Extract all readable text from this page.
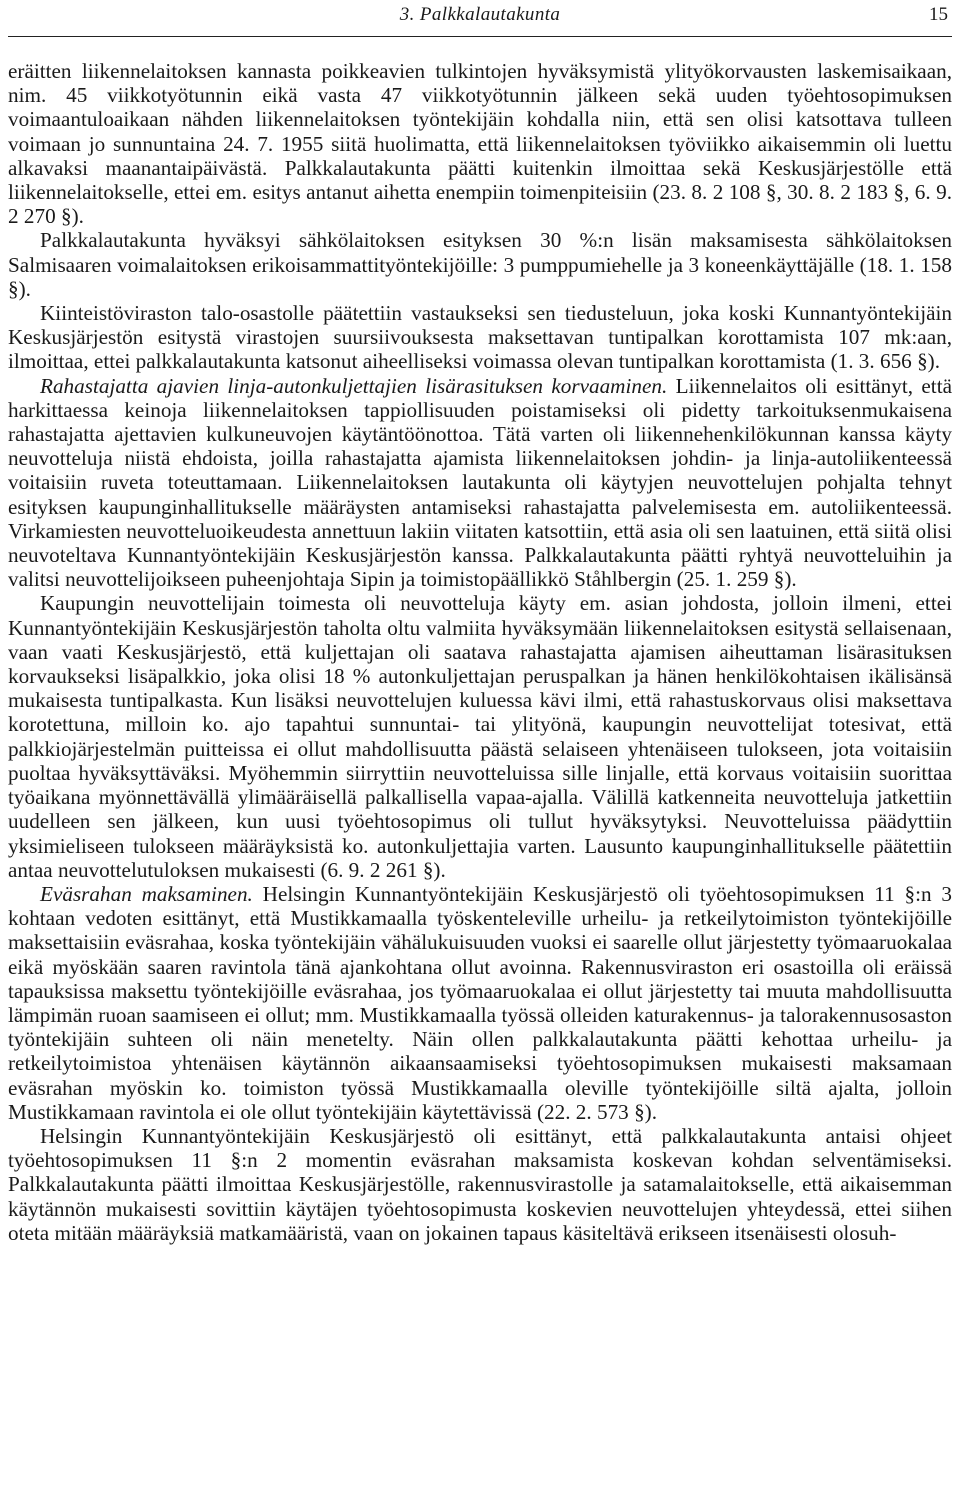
3. Palkkalautakunta	15

eräitten liikennelaitoksen kannasta poikkeavien tulkintojen hyväksymistä ylityökorvausten laskemisaikaan, nim. 45 viikkotyötunnin eikä vasta 47 viikkotyötunnin jälkeen sekä uuden työehtosopimuksen voimaantuloaikaan nähden liikennelaitoksen työntekijäin kohdalla niin, että sen olisi katsottava tulleen voimaan jo sunnuntaina 24. 7. 1955 siitä huolimatta, että liikennelaitoksen työviikko aikaisemmin oli luettu alkavaksi maanantaipäivästä. Palkkalautakunta päätti kuitenkin ilmoittaa sekä Keskusjärjestölle että liikennelaitokselle, ettei em. esitys antanut aihetta enempiin toimenpiteisiin (23. 8. 2 108 §, 30. 8. 2 183 §, 6. 9. 2 270 §).

Palkkalautakunta hyväksyi sähkölaitoksen esityksen 30 %:n lisän maksamisesta sähkölaitoksen Salmisaaren voimalaitoksen erikoisammattityöntekijöille: 3 pumppumiehelle ja 3 koneenkäyttäjälle (18. 1. 158 §).

Kiinteistöviraston talo-osastolle päätettiin vastaukseksi sen tiedusteluun, joka koski Kunnantyöntekijäin Keskusjärjestön esitystä virastojen suursiivouksesta maksettavan tuntipalkan korottamista 107 mk:aan, ilmoittaa, ettei palkkalautakunta katsonut aiheelliseksi voimassa olevan tuntipalkan korottamista (1. 3. 656 §).

Rahastajatta ajavien linja-autonkuljettajien lisärasituksen korvaaminen. Liikennelaitos oli esittänyt, että harkittaessa keinoja liikennelaitoksen tappiollisuuden poistamiseksi oli pidetty tarkoituksenmukaisena rahastajatta ajettavien kulkuneuvojen käytäntöönottoa. Tätä varten oli liikennehenkilökunnan kanssa käyty neuvotteluja niistä ehdoista, joilla rahastajatta ajamista liikennelaitoksen johdin- ja linja-autoliikenteessä voitaisiin ruveta toteuttamaan. Liikennelaitoksen lautakunta oli käytyjen neuvottelujen pohjalta tehnyt esityksen kaupunginhallitukselle määräysten antamiseksi rahastajatta palvelemisesta em. autoliikenteessä. Virkamiesten neuvotteluoikeudesta annettuun lakiin viitaten katsottiin, että asia oli sen laatuinen, että siitä olisi neuvoteltava Kunnantyöntekijäin Keskusjärjestön kanssa. Palkkalautakunta päätti ryhtyä neuvotteluihin ja valitsi neuvottelijoikseen puheenjohtaja Sipin ja toimistopäällikkö Ståhlbergin (25. 1. 259 §).

Kaupungin neuvottelijain toimesta oli neuvotteluja käyty em. asian johdosta, jolloin ilmeni, ettei Kunnantyöntekijäin Keskusjärjestön taholta oltu valmiita hyväksymään liikennelaitoksen esitystä sellaisenaan, vaan vaati Keskusjärjestö, että kuljettajan oli saatava rahastajatta ajamisen aiheuttaman lisärasituksen korvaukseksi lisäpalkkio, joka olisi 18 % autonkuljettajan peruspalkan ja hänen henkilökohtaisen ikälisänsä mukaisesta tuntipalkasta. Kun lisäksi neuvottelujen kuluessa kävi ilmi, että rahastuskorvaus olisi maksettava korotettuna, milloin ko. ajo tapahtui sunnuntai- tai ylityönä, kaupungin neuvottelijat totesivat, että palkkiojärjestelmän puitteissa ei ollut mahdollisuutta päästä selaiseen yhtenäiseen tulokseen, jota voitaisiin puoltaa hyväksyttäväksi. Myöhemmin siirryttiin neuvotteluissa sille linjalle, että korvaus voitaisiin suorittaa työaikana myönnettävällä ylimääräisellä palkallisella vapaa-ajalla. Välillä katkenneita neuvotteluja jatkettiin uudelleen sen jälkeen, kun uusi työehtosopimus oli tullut hyväksytyksi. Neuvotteluissa päädyttiin yksimieliseen tulokseen määräyksistä ko. autonkuljettajia varten. Lausunto kaupunginhallitukselle päätettiin antaa neuvottelutuloksen mukaisesti (6. 9. 2 261 §).

Eväsrahan maksaminen. Helsingin Kunnantyöntekijäin Keskusjärjestö oli työehtosopimuksen 11 §:n 3 kohtaan vedoten esittänyt, että Mustikkamaalla työskenteleville urheilu- ja retkeilytoimiston työntekijöille maksettaisiin eväsrahaa, koska työntekijäin vähälukuisuuden vuoksi ei saarelle ollut järjestetty työmaaruokalaa eikä myöskään saaren ravintola tänä ajankohtana ollut avoinna. Rakennusviraston eri osastoilla oli eräissä tapauksissa maksettu työntekijöille eväsrahaa, jos työmaaruokalaa ei ollut järjestetty tai muuta mahdollisuutta lämpimän ruoan saamiseen ei ollut; mm. Mustikkamaalla työssä olleiden katurakennus- ja talorakennusosaston työntekijäin suhteen oli näin menetelty. Näin ollen palkkalautakunta päätti kehottaa urheilu- ja retkeilytoimistoa yhtenäisen käytännön aikaansaamiseksi työehtosopimuksen mukaisesti maksamaan eväsrahan myöskin ko. toimiston työssä Mustikkamaalla oleville työntekijöille siltä ajalta, jolloin Mustikkamaan ravintola ei ole ollut työntekijäin käytettävissä (22. 2. 573 §).

Helsingin Kunnantyöntekijäin Keskusjärjestö oli esittänyt, että palkkalautakunta antaisi ohjeet työehtosopimuksen 11 §:n 2 momentin eväsrahan maksamista koskevan kohdan selventämiseksi. Palkkalautakunta päätti ilmoittaa Keskusjärjestölle, rakennusvirastolle ja satamalaitokselle, että aikaisemman käytännön mukaisesti sovittiin käytäjen työehtosopimusta koskevien neuvottelujen yhteydessä, ettei siihen oteta mitään määräyksiä matkamääristä, vaan on jokainen tapaus käsiteltävä erikseen itsenäisesti olosuh-
